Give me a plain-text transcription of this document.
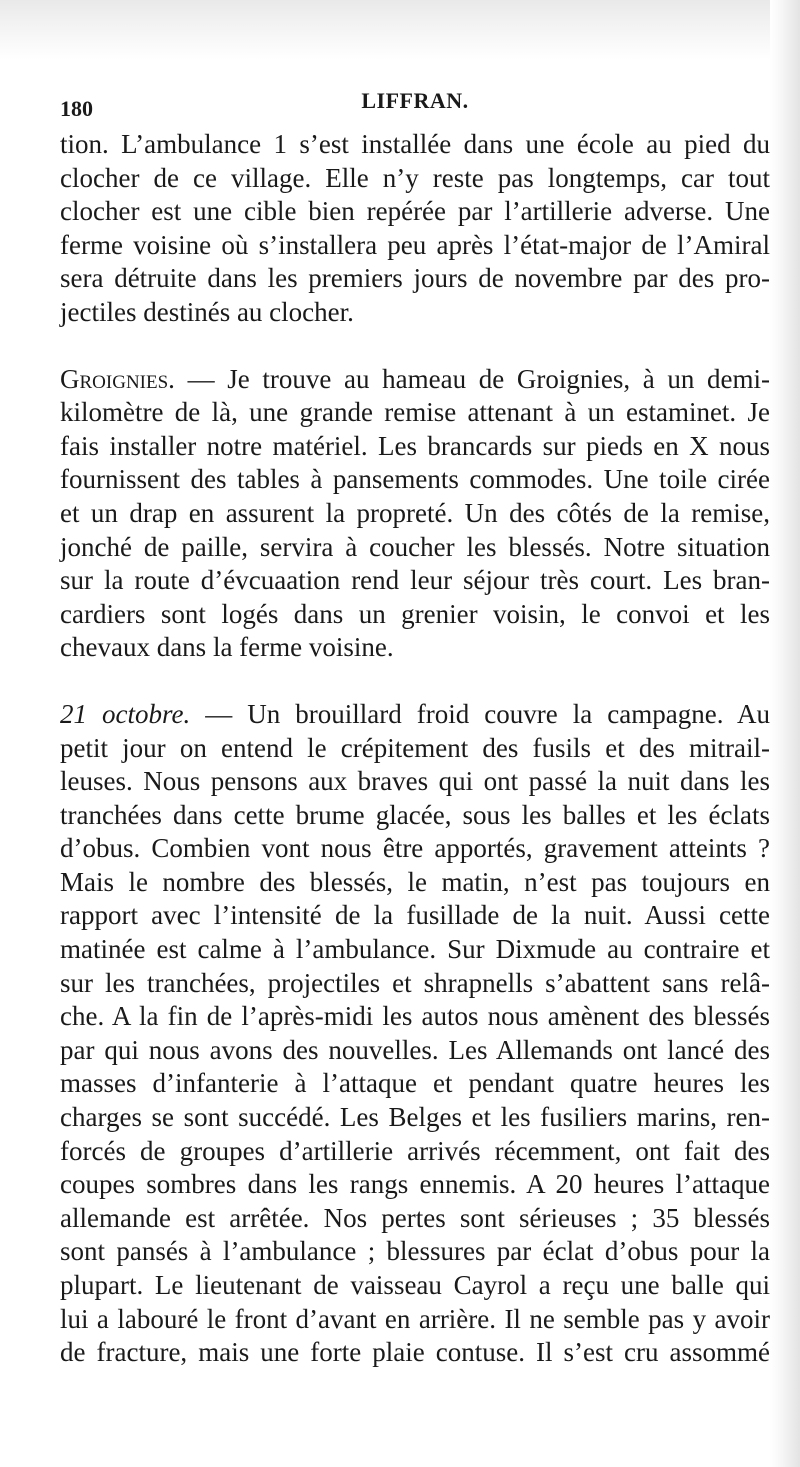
180	LIFFRAN.
tion. L’ambulance 1 s’est installée dans une école au pied du
clocher de ce village. Elle n’y reste pas longtemps, car tout
clocher est une cible bien repérée par l’artillerie adverse. Une
ferme voisine où s’installera peu après l’état-major de l’Amiral
sera détruite dans les premiers jours de novembre par des pro-
jectiles destinés au clocher.
Groignies. — Je trouve au hameau de Groignies, à un demi-
kilomètre de là, une grande remise attenant à un estaminet. Je
fais installer notre matériel. Les brancards sur pieds en X nous
fournissent des tables à pansements commodes. Une toile cirée
et un drap en assurent la propreté. Un des côtés de la remise,
jonché de paille, servira à coucher les blessés. Notre situation
sur la route d’évcuaation rend leur séjour très court. Les bran-
cardiers sont logés dans un grenier voisin, le convoi et les
chevaux dans la ferme voisine.
21 octobre. — Un brouillard froid couvre la campagne. Au
petit jour on entend le crépitement des fusils et des mitrail-
leuses. Nous pensons aux braves qui ont passé la nuit dans les
tranchées dans cette brume glacée, sous les balles et les éclats
d’obus. Combien vont nous être apportés, gravement atteints ?
Mais le nombre des blessés, le matin, n’est pas toujours en
rapport avec l’intensité de la fusillade de la nuit. Aussi cette
matinée est calme à l’ambulance. Sur Dixmude au contraire et
sur les tranchées, projectiles et shrapnells s’abattent sans relâ-
che. A la fin de l’après-midi les autos nous amènent des blessés
par qui nous avons des nouvelles. Les Allemands ont lancé des
masses d’infanterie à l’attaque et pendant quatre heures les
charges se sont succédé. Les Belges et les fusiliers marins, ren-
forcés de groupes d’artillerie arrivés récemment, ont fait des
coupes sombres dans les rangs ennemis. A 20 heures l’attaque
allemande est arrêtée. Nos pertes sont sérieuses ; 35 blessés
sont pansés à l’ambulance ; blessures par éclat d’obus pour la
plupart. Le lieutenant de vaisseau Cayrol a reçu une balle qui
lui a labouré le front d’avant en arrière. Il ne semble pas y avoir
de fracture, mais une forte plaie contuse. Il s’est cru assommé
